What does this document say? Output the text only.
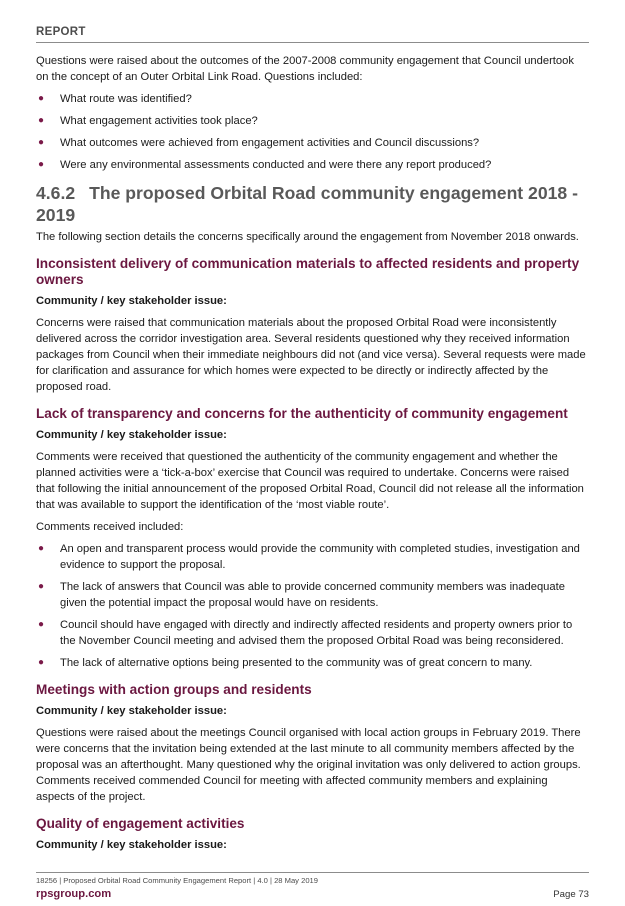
REPORT

Questions were raised about the outcomes of the 2007-2008 community engagement that Council undertook on the concept of an Outer Orbital Link Road. Questions included:

● What route was identified?
● What engagement activities took place?
● What outcomes were achieved from engagement activities and Council discussions?
● Were any environmental assessments conducted and were there any report produced?
4.6.2 The proposed Orbital Road community engagement 2018 - 2019

The following section details the concerns specifically around the engagement from November 2018 onwards.

Inconsistent delivery of communication materials to affected residents and property owners

Community / key stakeholder issue:

Concerns were raised that communication materials about the proposed Orbital Road were inconsistently delivered across the corridor investigation area. Several residents questioned why they received information packages from Council when their immediate neighbours did not (and vice versa). Several requests were made for clarification and assurance for which homes were expected to be directly or indirectly affected by the proposed road.

Lack of transparency and concerns for the authenticity of community engagement

Community / key stakeholder issue:

Comments were received that questioned the authenticity of the community engagement and whether the planned activities were a ‘tick-a-box’ exercise that Council was required to undertake. Concerns were raised that following the initial announcement of the proposed Orbital Road, Council did not release all the information that was available to support the identification of the ‘most viable route’.

Comments received included:

● An open and transparent process would provide the community with completed studies, investigation and evidence to support the proposal.
● The lack of answers that Council was able to provide concerned community members was inadequate given the potential impact the proposal would have on residents.
● Council should have engaged with directly and indirectly affected residents and property owners prior to the November Council meeting and advised them the proposed Orbital Road was being reconsidered.
● The lack of alternative options being presented to the community was of great concern to many.
Meetings with action groups and residents

Community / key stakeholder issue:

Questions were raised about the meetings Council organised with local action groups in February 2019. There were concerns that the invitation being extended at the last minute to all community members affected by the proposal was an afterthought. Many questioned why the original invitation was only delivered to action groups. Comments received commended Council for meeting with affected community members and explaining aspects of the project.

Quality of engagement activities

Community / key stakeholder issue:

18256 | Proposed Orbital Road Community Engagement Report | 4.0 | 28 May 2019
rpsgroup.com	Page 73
